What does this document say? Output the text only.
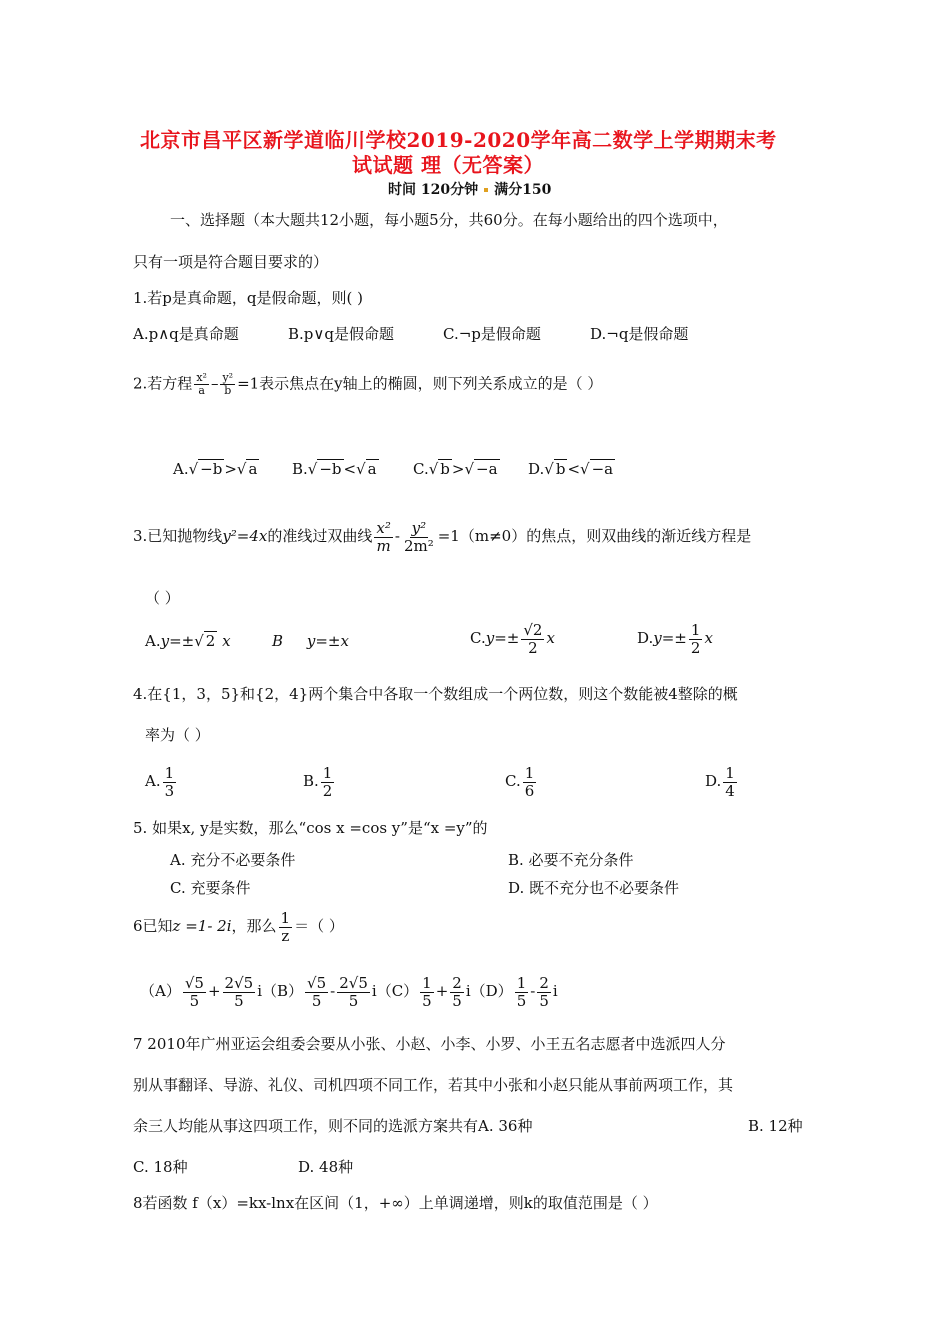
北京市昌平区新学道临川学校2019-2020学年高二数学上学期期末考
试试题 理（无答案）
时间 120分钟 满分150
一、选择题（本大题共12小题，每小题5分，共60分。在每小题给出的四个选项中，
只有一项是符合题目要求的）
1.若p是真命题，q是假命题，则( )
A.p∧q是真命题	B.p∨q是假命题	C.¬p是假命题	D.¬q是假命题
2.若方程 $\frac{\text{x²}}{a} - \frac{\text{y²}}{b} =1$表示焦点在y轴上的椭圆，则下列关系成立的是（ ）
A.√ −b >√ a B.√ −b <√ a C.√ b >√ −a D.√ b <√ −a
3.已知抛物线y²=4x的准线过双曲线 $\frac{\text{x²}}{m} - \frac{\text{y²}}{\text{2m²}} =1(m\ne 0)$的焦点，则双曲线的渐近线方程是
（ ）
A.y=±√ 2 x	B y=±x	$C.y=\pm \frac{√2}{2}$ x	$D.y=\pm \frac{1}{2}$ x
4.在{1，3，5}和{2，4}两个集合中各取一个数组成一个两位数，则这个数能被4整除的概
率为（ ）
A. $\frac{1}{3}$	B. $\frac{1}{2}$	C. $\frac{1}{6}$	D. $\frac{1}{4}$
5. 如果x, y是实数，那么“cos x =cos y”是“x =y”的
A. 充分不必要条件	B. 必要不充分条件
C. 充要条件	D. 既不充分也不必要条件
6已知z =1- 2i，那么 $\frac{1}{z}$ ＝（ ）
$(A) \frac{√5}{5} + \frac{2√5}{5} i(B) \frac{√5}{5} - \frac{2√5}{5} i(C) \frac{1}{5} + \frac{2}{5} i(D) \frac{1}{5} - \frac{2}{5}$ i
7 2010年广州亚运会组委会要从小张、小赵、小李、小罗、小王五名志愿者中选派四人分
别从事翻译、导游、礼仪、司机四项不同工作，若其中小张和小赵只能从事前两项工作，其
余三人均能从事这四项工作，则不同的选派方案共有A. 36种	B. 12种
C. 18种	D. 48种
8若函数 f（x）=kx-lnx在区间（1，+∞）上单调递增，则k的取值范围是（ ）
